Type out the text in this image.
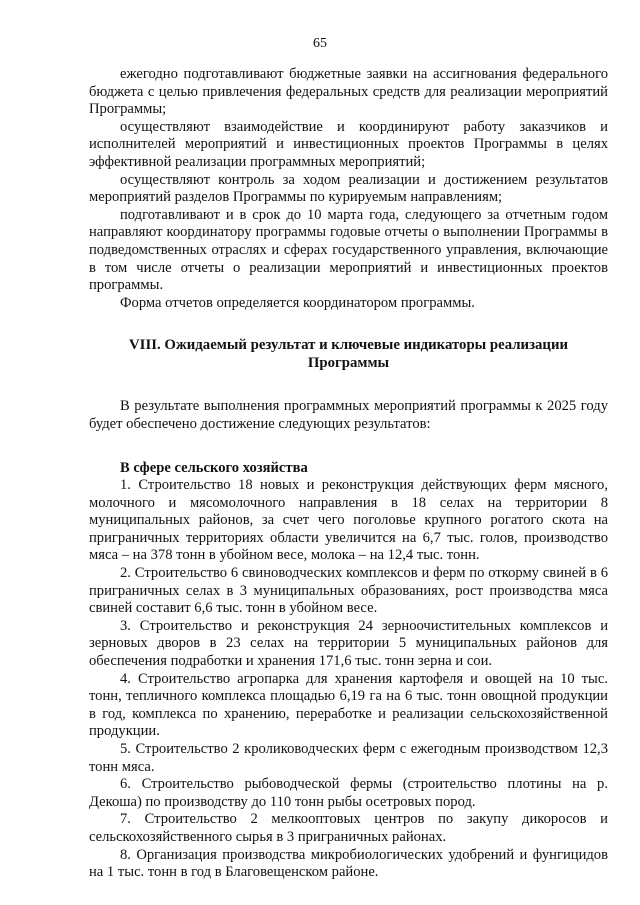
65

ежегодно подготавливают бюджетные заявки на ассигнования федерального бюджета с целью привлечения федеральных средств для реализации мероприятий Программы;

осуществляют взаимодействие и координируют работу заказчиков и исполнителей мероприятий и инвестиционных проектов Программы в целях эффективной реализации программных мероприятий;

осуществляют контроль за ходом реализации и достижением результатов мероприятий разделов Программы по курируемым направлениям;

подготавливают и в срок до 10 марта года, следующего за отчетным годом направляют координатору программы годовые отчеты о выполнении Программы в подведомственных отраслях и сферах государственного управления, включающие в том числе отчеты о реализации мероприятий и инвестиционных проектов программы.

Форма отчетов определяется координатором программы.

VIII. Ожидаемый результат и ключевые индикаторы реализации Программы

В результате выполнения программных мероприятий программы к 2025 году будет обеспечено достижение следующих результатов:

В сфере сельского хозяйства

1. Строительство 18 новых и реконструкция действующих ферм мясного, молочного и мясомолочного направления в 18 селах на территории 8 муниципальных районов, за счет чего поголовье крупного рогатого скота на приграничных территориях области увеличится на 6,7 тыс. голов, производство мяса – на 378 тонн в убойном весе, молока – на 12,4 тыс. тонн.

2. Строительство 6 свиноводческих комплексов и ферм по откорму свиней в 6 приграничных селах в 3 муниципальных образованиях, рост производства мяса свиней составит 6,6 тыс. тонн в убойном весе.

3. Строительство и реконструкция 24 зерноочистительных комплексов и зерновых дворов в 23 селах на территории 5 муниципальных районов для обеспечения подработки и хранения 171,6 тыс. тонн зерна и сои.

4. Строительство агропарка для хранения картофеля и овощей на 10 тыс. тонн, тепличного комплекса площадью 6,19 га на 6 тыс. тонн овощной продукции в год, комплекса по хранению, переработке и реализации сельскохозяйственной продукции.

5. Строительство 2 кролиководческих ферм с ежегодным производством 12,3 тонн мяса.

6. Строительство рыбоводческой фермы (строительство плотины на р. Декоша) по производству до 110 тонн рыбы осетровых пород.

7. Строительство 2 мелкооптовых центров по закупу дикоросов и сельскохозяйственного сырья в 3 приграничных районах.

8. Организация производства микробиологических удобрений и фунгицидов на 1 тыс. тонн в год в Благовещенском районе.
